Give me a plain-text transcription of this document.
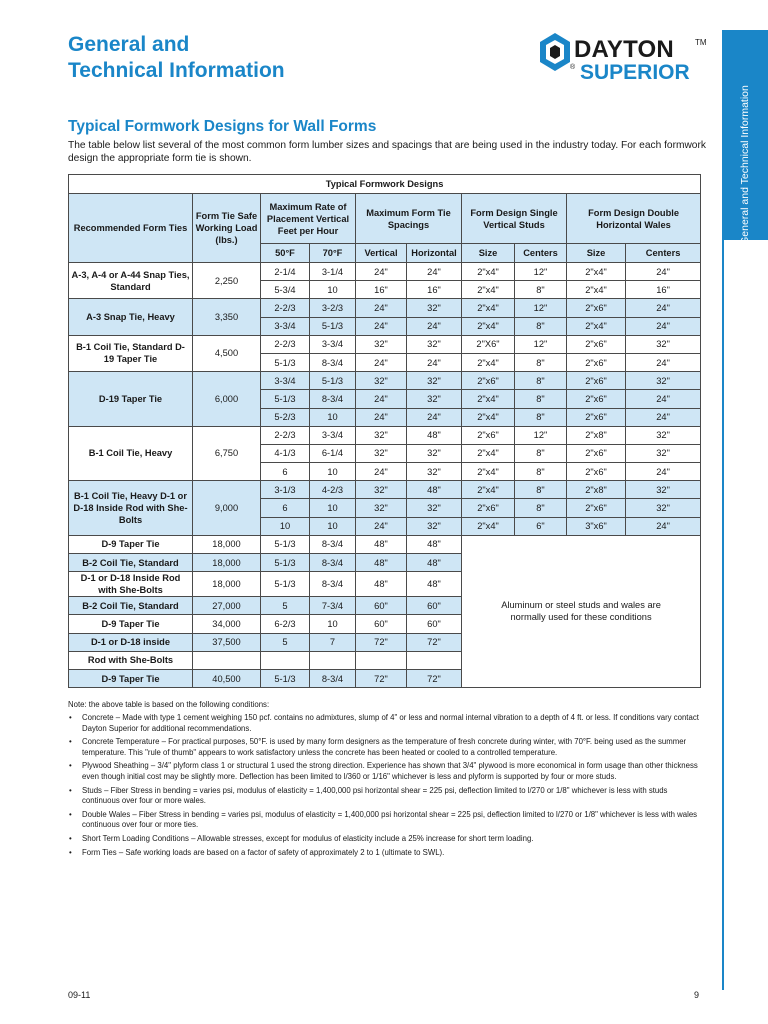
General and
Technical Information
DAYTON	TM
® SUPERIOR
General and Technical Information
Typical Formwork Designs for Wall Forms
The table below list several of the most common form lumber sizes and spacings that are being used in the industry today. For each formwork design the appropriate form tie is shown.
Typical Formwork Designs									
Recommended Form Ties	Form Tie Safe Working Load (lbs.)	Maximum Rate of Placement Vertical Feet per Hour		Maximum Form Tie Spacings		Form Design Single Vertical Studs		Form Design Double Horizontal Wales	
		50°F	70°F	Vertical	Horizontal	Size	Centers	Size	Centers
A-3, A-4 or A-44 Snap Ties, Standard	2,250	2-1/4	3-1/4	24"	24"	2"x4"	12"	2"x4"	24"
		5-3/4	10	16"	16"	2"x4"	8"	2"x4"	16"
A-3 Snap Tie, Heavy	3,350	2-2/3	3-2/3	24"	32"	2"x4"	12"	2"x6"	24"
		3-3/4	5-1/3	24"	24"	2"x4"	8"	2"x4"	24"
B-1 Coil Tie, Standard D-19 Taper Tie	4,500	2-2/3	3-3/4	32"	32"	2"X6"	12"	2"x6"	32"
		5-1/3	8-3/4	24"	24"	2"x4"	8"	2"x6"	24"
D-19 Taper Tie	6,000	3-3/4	5-1/3	32"	32"	2"x6"	8"	2"x6"	32"
		5-1/3	8-3/4	24"	32"	2"x4"	8"	2"x6"	24"
		5-2/3	10	24"	24"	2"x4"	8"	2"x6"	24"
B-1 Coil Tie, Heavy	6,750	2-2/3	3-3/4	32"	48"	2"x6"	12"	2"x8"	32"
		4-1/3	6-1/4	32"	32"	2"x4"	8"	2"x6"	32"
		6	10	24"	32"	2"x4"	8"	2"x6"	24"
B-1 Coil Tie, Heavy D-1 or D-18 Inside Rod with She-Bolts	9,000	3-1/3	4-2/3	32"	48"	2"x4"	8"	2"x8"	32"
		6	10	32"	32"	2"x6"	8"	2"x6"	32"
		10	10	24"	32"	2"x4"	6"	3"x6"	24"
D-9 Taper Tie	18,000	5-1/3	8-3/4	48"	48"	Aluminum or steel studs and wales are normally used for these conditions			

B-2 Coil Tie, Standard	18,000	5-1/3	8-3/4	48"	48"				
D-1 or D-18 Inside Rod with She-Bolts	18,000	5-1/3	8-3/4	48"	48"				
B-2 Coil Tie, Standard	27,000	5	7-3/4	60"	60"				
D-9 Taper Tie	34,000	6-2/3	10	60"	60"				
D-1 or D-18 inside	37,500	5	7	72"	72"				
Rod with She-Bolts									
D-9 Taper Tie	40,500	5-1/3	8-3/4	72"	72"				
Note: the above table is based on the following conditions:
• Concrete – Made with type 1 cement weighing 150 pcf. contains no admixtures, slump of 4" or less and normal internal vibration to a depth of 4 ft. or less. If conditions vary contact Dayton Superior for additional recommendations.
• Concrete Temperature – For practical purposes, 50°F. is used by many form designers as the temperature of fresh concrete during winter, with 70°F. being used as the summer temperature. This "rule of thumb" appears to work satisfactory unless the concrete has been heated or cooled to a controlled temperature.
• Plywood Sheathing – 3/4" plyform class 1 or structural 1 used the strong direction. Experience has shown that 3/4" plywood is more economical in form usage than other thickness even though initial cost may be slightly more. Deflection has been limited to l/360 or 1/16" whichever is less and plyform is supported by four or more studs.
• Studs – Fiber Stress in bending = varies psi, modulus of elasticity = 1,400,000 psi horizontal shear = 225 psi, deflection limited to l/270 or 1/8" whichever is less with studs continuous over four or more wales.
• Double Wales – Fiber Stress in bending = varies psi, modulus of elasticity = 1,400,000 psi horizontal shear = 225 psi, deflection limited to l/270 or 1/8" whichever is less with wales continuous over four or more ties.
• Short Term Loading Conditions – Allowable stresses, except for modulus of elasticity include a 25% increase for short term loading.
• Form Ties – Safe working loads are based on a factor of safety of approximately 2 to 1 (ultimate to SWL).
09-11	9
